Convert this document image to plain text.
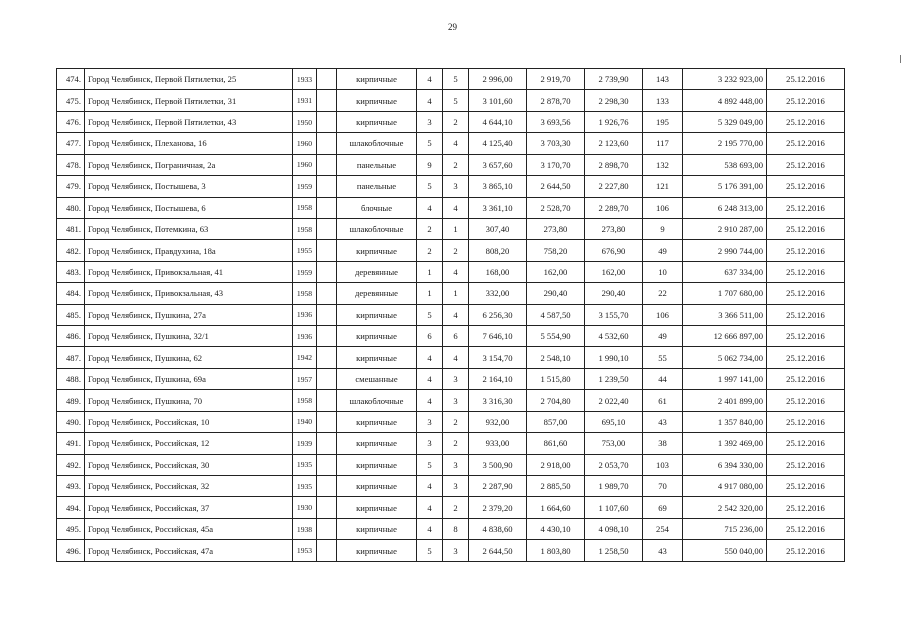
29
474.	Город Челябинск, Первой Пятилетки, 25	1933		кирпичные	4	5	2 996,00	2 919,70	2 739,90	143	3 232 923,00	25.12.2016
475.	Город Челябинск, Первой Пятилетки, 31	1931		кирпичные	4	5	3 101,60	2 878,70	2 298,30	133	4 892 448,00	25.12.2016
476.	Город Челябинск, Первой Пятилетки, 43	1950		кирпичные	3	2	4 644,10	3 693,56	1 926,76	195	5 329 049,00	25.12.2016
477.	Город Челябинск, Плеханова, 16	1960		шлакоблочные	5	4	4 125,40	3 703,30	2 123,60	117	2 195 770,00	25.12.2016
478.	Город Челябинск, Пограничная, 2а	1960		панельные	9	2	3 657,60	3 170,70	2 898,70	132	538 693,00	25.12.2016
479.	Город Челябинск, Постышева, 3	1959		панельные	5	3	3 865,10	2 644,50	2 227,80	121	5 176 391,00	25.12.2016
480.	Город Челябинск, Постышева, 6	1958		блочные	4	4	3 361,10	2 528,70	2 289,70	106	6 248 313,00	25.12.2016
481.	Город Челябинск, Потемкина, 63	1958		шлакоблочные	2	1	307,40	273,80	273,80	9	2 910 287,00	25.12.2016
482.	Город Челябинск, Правдухина, 18а	1955		кирпичные	2	2	808,20	758,20	676,90	49	2 990 744,00	25.12.2016
483.	Город Челябинск, Привокзальная, 41	1959		деревянные	1	4	168,00	162,00	162,00	10	637 334,00	25.12.2016
484.	Город Челябинск, Привокзальная, 43	1958		деревянные	1	1	332,00	290,40	290,40	22	1 707 680,00	25.12.2016
485.	Город Челябинск, Пушкина, 27а	1936		кирпичные	5	4	6 256,30	4 587,50	3 155,70	106	3 366 511,00	25.12.2016
486.	Город Челябинск, Пушкина, 32/1	1936		кирпичные	6	6	7 646,10	5 554,90	4 532,60	49	12 666 897,00	25.12.2016
487.	Город Челябинск, Пушкина, 62	1942		кирпичные	4	4	3 154,70	2 548,10	1 990,10	55	5 062 734,00	25.12.2016
488.	Город Челябинск, Пушкина, 69а	1957		смешанные	4	3	2 164,10	1 515,80	1 239,50	44	1 997 141,00	25.12.2016
489.	Город Челябинск, Пушкина, 70	1958		шлакоблочные	4	3	3 316,30	2 704,80	2 022,40	61	2 401 899,00	25.12.2016
490.	Город Челябинск, Российская, 10	1940		кирпичные	3	2	932,00	857,00	695,10	43	1 357 840,00	25.12.2016
491.	Город Челябинск, Российская, 12	1939		кирпичные	3	2	933,00	861,60	753,00	38	1 392 469,00	25.12.2016
492.	Город Челябинск, Российская, 30	1935		кирпичные	5	3	3 500,90	2 918,00	2 053,70	103	6 394 330,00	25.12.2016
493.	Город Челябинск, Российская, 32	1935		кирпичные	4	3	2 287,90	2 885,50	1 989,70	70	4 917 080,00	25.12.2016
494.	Город Челябинск, Российская, 37	1930		кирпичные	4	2	2 379,20	1 664,60	1 107,60	69	2 542 320,00	25.12.2016
495.	Город Челябинск, Российская, 45а	1938		кирпичные	4	8	4 838,60	4 430,10	4 098,10	254	715 236,00	25.12.2016
496.	Город Челябинск, Российская, 47а	1953		кирпичные	5	3	2 644,50	1 803,80	1 258,50	43	550 040,00	25.12.2016
